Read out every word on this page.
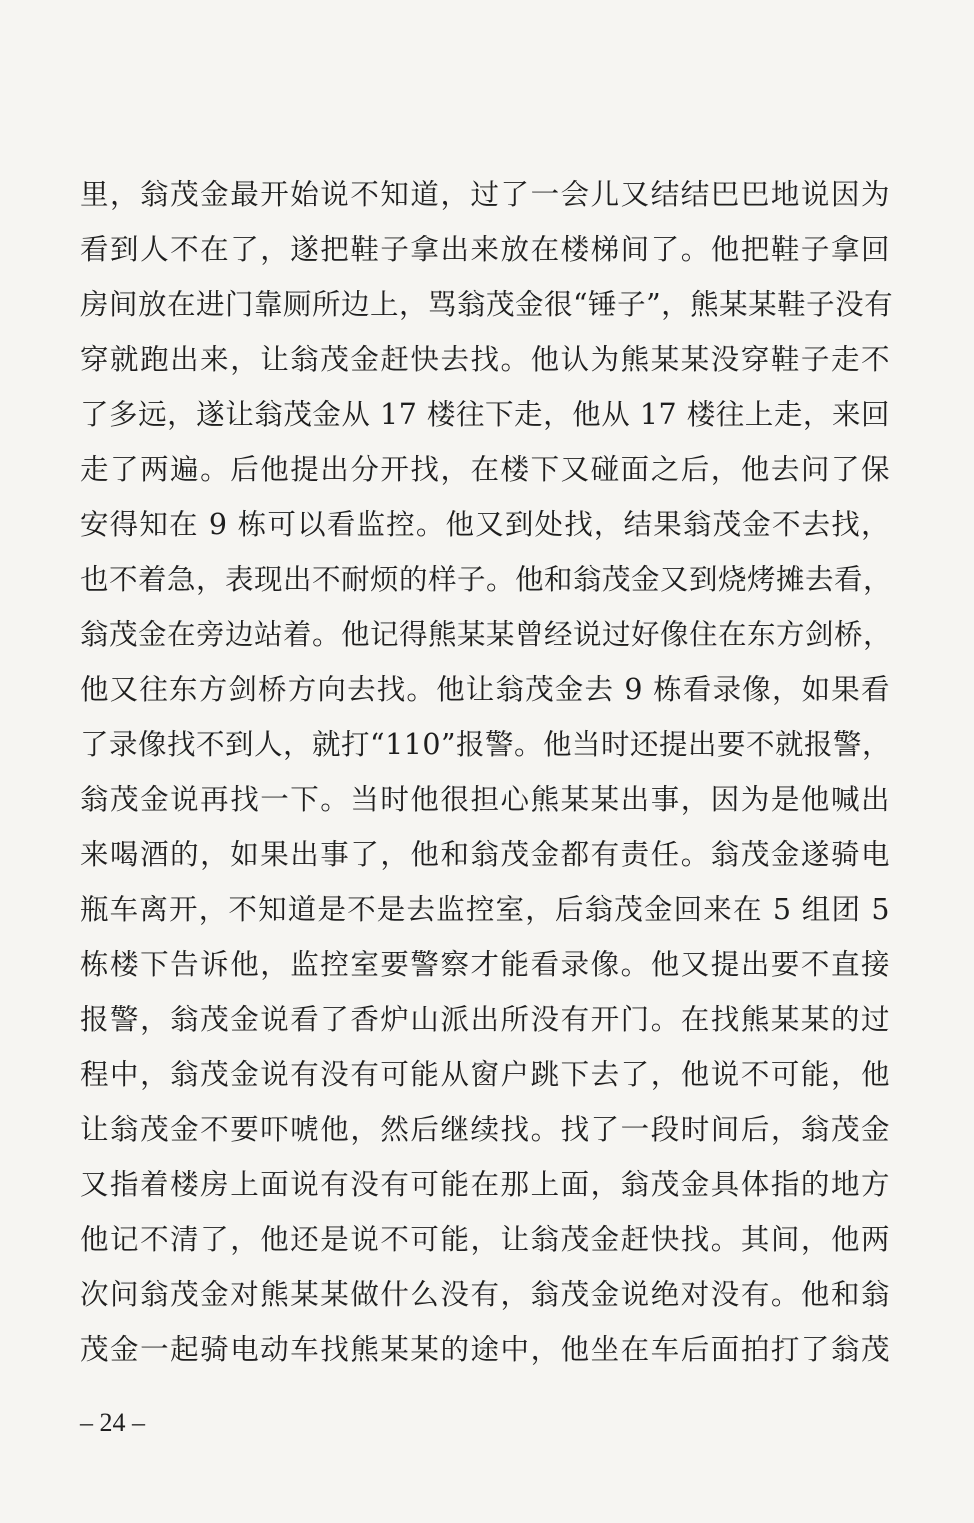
里，翁茂金最开始说不知道，过了一会儿又结结巴巴地说因为
看到人不在了，遂把鞋子拿出来放在楼梯间了。他把鞋子拿回
房间放在进门靠厕所边上，骂翁茂金很“锤子”，熊某某鞋子没有
穿就跑出来，让翁茂金赶快去找。他认为熊某某没穿鞋子走不
了多远，遂让翁茂金从 17 楼往下走，他从 17 楼往上走，来回
走了两遍。后他提出分开找，在楼下又碰面之后，他去问了保
安得知在 9 栋可以看监控。他又到处找，结果翁茂金不去找，
也不着急，表现出不耐烦的样子。他和翁茂金又到烧烤摊去看，
翁茂金在旁边站着。他记得熊某某曾经说过好像住在东方剑桥，
他又往东方剑桥方向去找。他让翁茂金去 9 栋看录像，如果看
了录像找不到人，就打“110”报警。他当时还提出要不就报警，
翁茂金说再找一下。当时他很担心熊某某出事，因为是他喊出
来喝酒的，如果出事了，他和翁茂金都有责任。翁茂金遂骑电
瓶车离开，不知道是不是去监控室，后翁茂金回来在 5 组团 5
栋楼下告诉他，监控室要警察才能看录像。他又提出要不直接
报警，翁茂金说看了香炉山派出所没有开门。在找熊某某的过
程中，翁茂金说有没有可能从窗户跳下去了，他说不可能，他
让翁茂金不要吓唬他，然后继续找。找了一段时间后，翁茂金
又指着楼房上面说有没有可能在那上面，翁茂金具体指的地方
他记不清了，他还是说不可能，让翁茂金赶快找。其间，他两
次问翁茂金对熊某某做什么没有，翁茂金说绝对没有。他和翁
茂金一起骑电动车找熊某某的途中，他坐在车后面拍打了翁茂
– 24 –
